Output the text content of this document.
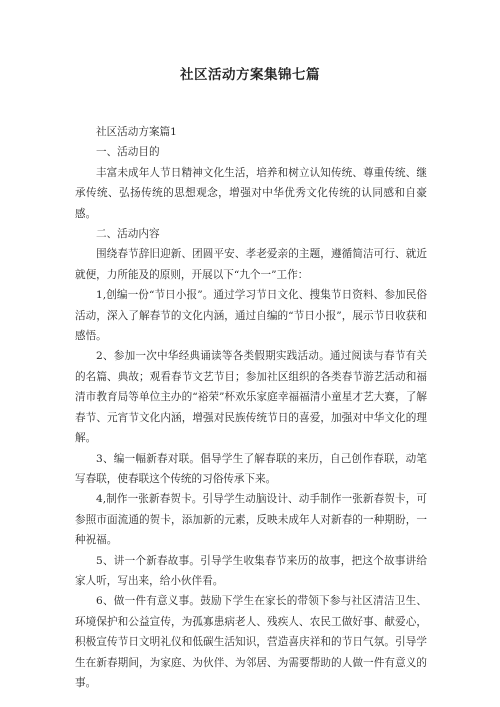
社区活动方案集锦七篇

社区活动方案篇1

一、活动目的

丰富未成年人节日精神文化生活，培养和树立认知传统、尊重传统、继承传统、弘扬传统的思想观念，增强对中华优秀文化传统的认同感和自豪感。

二、活动内容

围绕春节辞旧迎新、团圆平安、孝老爱亲的主题，遵循简洁可行、就近就便，力所能及的原则，开展以下“九个一”工作：

1,创编一份“节日小报”。通过学习节日文化、搜集节日资料、参加民俗活动，深入了解春节的文化内涵，通过自编的“节日小报”，展示节日收获和感悟。

2、参加一次中华经典诵读等各类假期实践活动。通过阅读与春节有关的名篇、典故；观看春节文艺节目；参加社区组织的各类春节游艺活动和福清市教育局等单位主办的“裕荣”杯欢乐家庭幸福福清小童星才艺大赛，了解春节、元宵节文化内涵，增强对民族传统节日的喜爱，加强对中华文化的理解。

3、编一幅新春对联。倡导学生了解春联的来历，自己创作春联，动笔写春联，使春联这个传统的习俗传承下来。

4,制作一张新春贺卡。引导学生动脑设计、动手制作一张新春贺卡，可参照市面流通的贺卡，添加新的元素，反映未成年人对新春的一种期盼，一种祝福。

5、讲一个新春故事。引导学生收集春节来历的故事，把这个故事讲给家人听，写出来，给小伙伴看。

6、做一件有意义事。鼓励下学生在家长的带领下参与社区清洁卫生、环境保护和公益宣传，为孤寡患病老人、残疾人、农民工做好事、献爱心，积极宣传节日文明礼仪和低碳生活知识，营造喜庆祥和的节日气氛。引导学生在新春期间，为家庭、为伙伴、为邻居、为需要帮助的人做一件有意义的事。
